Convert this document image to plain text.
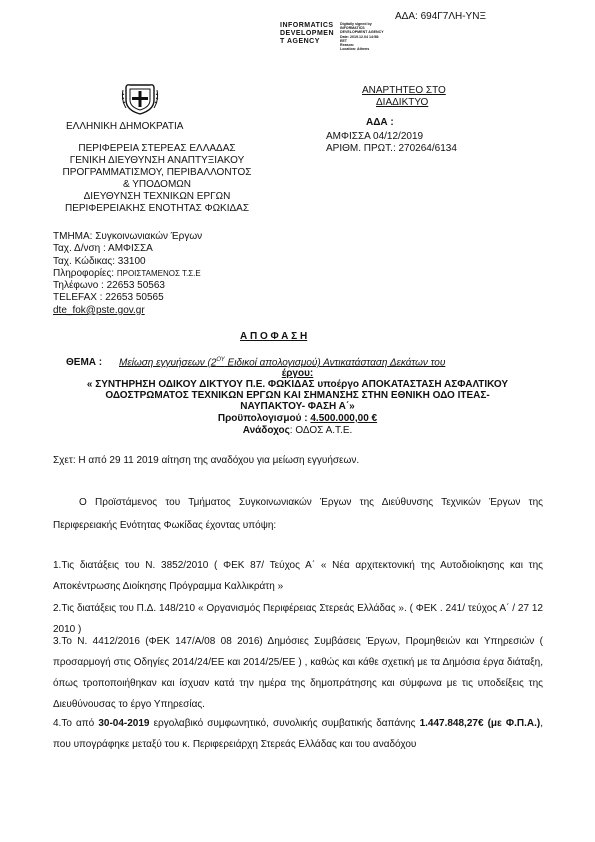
ΑΔΑ: 694Γ7ΛΗ-ΥΝΞ
INFORMATICS
DEVELOPMEN
T AGENCY
Digitally signed by
INFORMATICS
DEVELOPMENT AGENCY
Date: 2019.12.04 14:58:
EET
Reason:
Location: Athens
ΑΝΑΡΤΗΤΕΟ ΣΤΟ
ΔΙΑΔΙΚΤΥΟ
ΑΔΑ :
ΑΜΦΙΣΣΑ 04/12/2019
ΑΡΙΘΜ. ΠΡΩΤ.: 270264/6134
ΕΛΛΗΝΙΚΗ ΔΗΜΟΚΡΑΤΙΑ
ΠΕΡΙΦΕΡΕΙΑ ΣΤΕΡΕΑΣ ΕΛΛΑΔΑΣ
ΓΕΝΙΚΗ ΔΙΕΥΘΥΝΣΗ ΑΝΑΠΤΥΞΙΑΚΟΥ
ΠΡΟΓΡΑΜΜΑΤΙΣΜΟΥ, ΠΕΡΙΒΑΛΛΟΝΤΟΣ
& ΥΠΟΔΟΜΩΝ
ΔΙΕΥΘΥΝΣΗ ΤΕΧΝΙΚΩΝ ΕΡΓΩΝ
ΠΕΡΙΦΕΡΕΙΑΚΗΣ ΕΝΟΤΗΤΑΣ ΦΩΚΙΔΑΣ
ΤΜΗΜΑ: Συγκοινωνιακών Έργων
Ταχ. Δ/νση : ΑΜΦΙΣΣΑ
Ταχ. Κώδικας: 33100
Πληροφορίες: ΠΡΟΙΣΤΑΜΕΝΟΣ Τ.Σ.Ε
Τηλέφωνο : 22653 50563
TELEFAX : 22653 50565
dte_fok@pste.gov.gr
Α Π Ο Φ Α Σ Η
ΘΕΜΑ : Μείωση εγγυήσεων ($2^{O\Upsilon}$ Ειδικοί απολογισμού) Αντικατάσταση Δεκάτων του
έργου:
« ΣΥΝΤΗΡΗΣΗ ΟΔΙΚΟΥ ΔΙΚΤΥΟΥ Π.Ε. ΦΩΚΙΔΑΣ υποέργο ΑΠΟΚΑΤΑΣΤΑΣΗ ΑΣΦΑΛΤΙΚΟΥ
ΟΔΟΣΤΡΩΜΑΤΟΣ ΤΕΧΝΙΚΩΝ ΕΡΓΩΝ ΚΑΙ ΣΗΜΑΝΣΗΣ ΣΤΗΝ ΕΘΝΙΚΗ ΟΔΟ ΙΤΕΑΣ-
ΝΑΥΠΑΚΤΟΥ- ΦΑΣΗ Α΄»
Προϋπολογισμού : 4.500.000,00 €
Ανάδοχος: ΟΔΟΣ Α.Τ.Ε.
Σχετ: Η από 29 11 2019 αίτηση της αναδόχου για μείωση εγγυήσεων.
Ο Προϊστάμενος του Τμήματος Συγκοινωνιακών Έργων της Διεύθυνσης Τεχνικών Έργων της Περιφερειακής Ενότητας Φωκίδας έχοντας υπόψη:
1.Τις διατάξεις του Ν. 3852/2010 ( ΦΕΚ 87/ Τεύχος Α΄ « Νέα αρχιτεκτονική της Αυτοδιοίκησης και της Αποκέντρωσης Διοίκησης Πρόγραμμα Καλλικράτη »
2.Τις διατάξεις του Π.Δ. 148/210 « Οργανισμός Περιφέρειας Στερεάς Ελλάδας ». ( ΦΕΚ . 241/ τεύχος Α΄ / 27 12 2010 )
3.Το Ν. 4412/2016 (ΦΕΚ 147/Α/08 08 2016) Δημόσιες Συμβάσεις Έργων, Προμηθειών και Υπηρεσιών ( προσαρμογή στις Οδηγίες 2014/24/ΕΕ και 2014/25/ΕΕ ) , καθώς και κάθε σχετική με τα Δημόσια έργα διάταξη, όπως τροποποιήθηκαν και ίσχυαν κατά την ημέρα της δημοπράτησης και σύμφωνα με τις υποδείξεις της Διευθύνουσας το έργο Υπηρεσίας.
4.Το από 30-04-2019 εργολαβικό συμφωνητικό, συνολικής συμβατικής δαπάνης 1.447.848,27€ (με Φ.Π.Α.), που υπογράφηκε μεταξύ του κ. Περιφερειάρχη Στερεάς Ελλάδας και του αναδόχου
